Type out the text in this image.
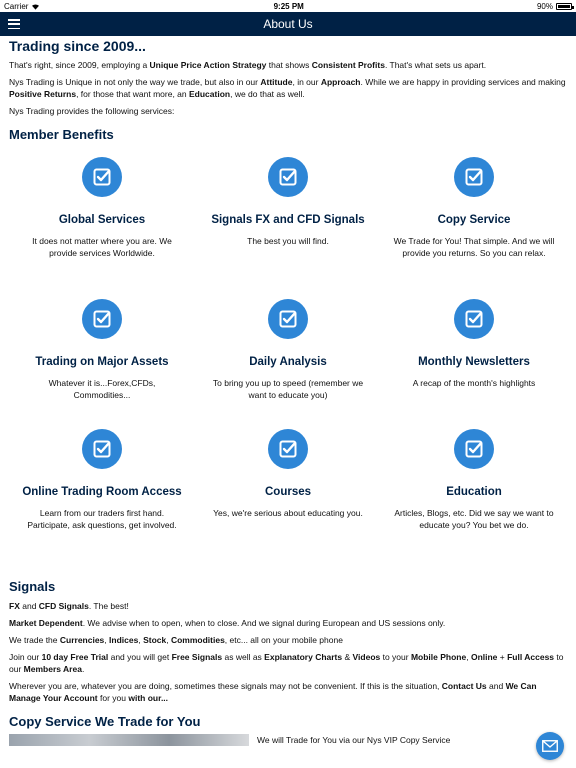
Carrier	9:25 PM	90%
About Us
Trading since 2009...

That's right, since 2009, employing a Unique Price Action Strategy that shows Consistent Profits. That's what sets us apart.

Nys Trading is Unique in not only the way we trade, but also in our Attitude, in our Approach. While we are happy in providing services and making Positive Returns, for those that want more, an Education, we do that as well.

Nys Trading provides the following services:

Member Benefits
Global Services
It does not matter where you are. We provide services Worldwide.
Signals FX and CFD Signals
The best you will find.
Copy Service
We Trade for You! That simple. And we will provide you returns. So you can relax.
Trading on Major Assets
Whatever it is...Forex,CFDs, Commodities...
Daily Analysis
To bring you up to speed (remember we want to educate you)
Monthly Newsletters
A recap of the month's highlights
Online Trading Room Access
Learn from our traders first hand. Participate, ask questions, get involved.
Courses
Yes, we're serious about educating you.
Education
Articles, Blogs, etc. Did we say we want to educate you? You bet we do.
Signals

FX and CFD Signals. The best!

Market Dependent. We advise when to open, when to close. And we signal during European and US sessions only.

We trade the Currencies, Indices, Stock, Commodities, etc... all on your mobile phone

Join our 10 day Free Trial and you will get Free Signals as well as Explanatory Charts & Videos to your Mobile Phone, Online + Full Access to our Members Area.

Wherever you are, whatever you are doing, sometimes these signals may not be convenient. If this is the situation, Contact Us and We Can Manage Your Account for you with our...

Copy Service We Trade for You
We will Trade for You via our Nys VIP Copy Service
